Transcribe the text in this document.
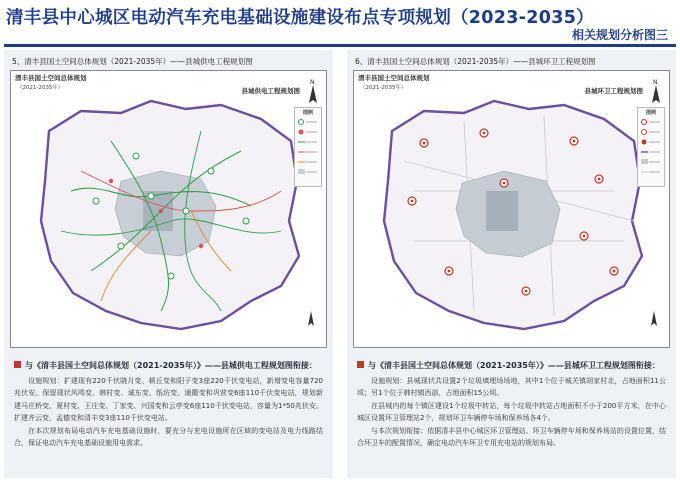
清丰县中心城区电动汽车充电基础设施建设布点专项规划（2023-2035）
相关规划分析图三
5、清丰县国土空间总体规划（2021-2035年）——县城供电工程规划图
N
清丰县国土空间总体规划
（2021-2035年）	县城供电工程规划图
图例
与《清丰县国土空间总体规划（2021-2035年）》——县城供电工程规划图衔接：

设施规划：扩建现有220千伏晓月变、顿丘变和阳子变3座220千伏变电站，新增变电容量720兆伏安。保留现状风鸣变、韩村变、诚东变、纸坊变、通衢变和巩营变6座110千伏变电站，规划新建马庄桥变、夏村变、王庄变、丁家变、兴国变和云亭变6座110千伏变电站，容量为1*50兆伏安。扩建齐云变，孟德变和清丰变3座110千伏变电站。

在本次规划布局电动汽车充电基础设施时，要充分与充电设施所在区域的变电站及电力线路结合，保证电动汽车充电基础设施用电需求。

6、清丰县国土空间总体规划（2021-2035年）——县城环卫工程规划图
N
清丰县国土空间总体规划
（2021-2035年）	县城环卫工程规划图
图例
与《清丰县国土空间总体规划（2021-2035年）》——县城环卫工程规划图衔接：

设施规划：县城现状共设置2个垃圾填埋场场地，其中1个位于城关镇胡家村北，占地面积11公顷；另1个位于韩村镇西部，占地面积15公顷。

在县城内的每个镇区建设1个垃圾中转站，每个垃圾中转站占地面积不小于200平方米，在中心城区设置环卫管理站2个，规划环卫车辆停车场和保养场各4个。

与本次规划衔接：依据清丰县中心城区环卫管理站、环卫车辆停车场和保养场站的设置位置，结合环卫车的配置情况，确定电动汽车环卫专用充电站的规划布局。
